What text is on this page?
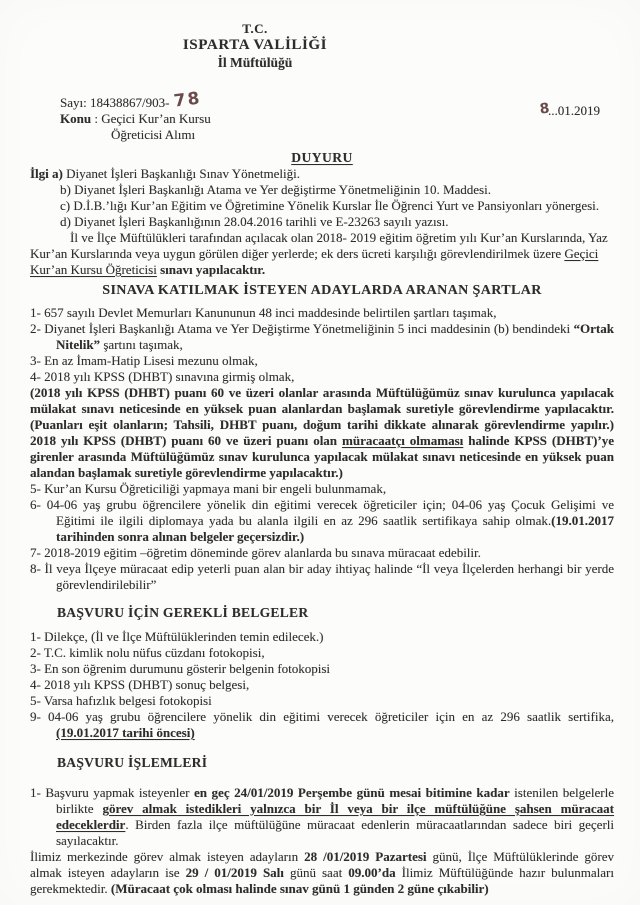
T.C.
ISPARTA VALİLİĞİ
İl Müftülüğü
Sayı: 18438867/903- 78
Konu : Geçici Kur’an Kursu
Öğreticisi Alımı
8...01.2019
DUYURU
İlgi a) Diyanet İşleri Başkanlığı Sınav Yönetmeliği.
b) Diyanet İşleri Başkanlığı Atama ve Yer değiştirme Yönetmeliğinin 10. Maddesi.
c) D.İ.B.’lığı Kur’an Eğitim ve Öğretimine Yönelik Kurslar İle Öğrenci Yurt ve Pansiyonları yönergesi.
d) Diyanet İşleri Başkanlığının 28.04.2016 tarihli ve E-23263 sayılı yazısı.

İl ve İlçe Müftülükleri tarafından açılacak olan 2018- 2019 eğitim öğretim yılı Kur’an Kurslarında, Yaz Kur’an Kurslarında veya uygun görülen diğer yerlerde; ek ders ücreti karşılığı görevlendirilmek üzere Geçici Kur’an Kursu Öğreticisi sınavı yapılacaktır.

SINAVA KATILMAK İSTEYEN ADAYLARDA ARANAN ŞARTLAR

1- 657 sayılı Devlet Memurları Kanununun 48 inci maddesinde belirtilen şartları taşımak,

2- Diyanet İşleri Başkanlığı Atama ve Yer Değiştirme Yönetmeliğinin 5 inci maddesinin (b) bendindeki “Ortak Nitelik” şartını taşımak,

3- En az İmam-Hatip Lisesi mezunu olmak,

4- 2018 yılı KPSS (DHBT) sınavına girmiş olmak,

(2018 yılı KPSS (DHBT) puanı 60 ve üzeri olanlar arasında Müftülüğümüz sınav kurulunca yapılacak mülakat sınavı neticesinde en yüksek puan alanlardan başlamak suretiyle görevlendirme yapılacaktır. (Puanları eşit olanların; Tahsili, DHBT puanı, doğum tarihi dikkate alınarak görevlendirme yapılır.) 2018 yılı KPSS (DHBT) puanı 60 ve üzeri puanı olan müracaatçı olmaması halinde KPSS (DHBT)’ye girenler arasında Müftülüğümüz sınav kurulunca yapılacak mülakat sınavı neticesinde en yüksek puan alandan başlamak suretiyle görevlendirme yapılacaktır.)

5- Kur’an Kursu Öğreticiliği yapmaya mani bir engeli bulunmamak,

6- 04-06 yaş grubu öğrencilere yönelik din eğitimi verecek öğreticiler için; 04-06 yaş Çocuk Gelişimi ve Eğitimi ile ilgili diplomaya yada bu alanla ilgili en az 296 saatlik sertifikaya sahip olmak.(19.01.2017 tarihinden sonra alınan belgeler geçersizdir.)

7- 2018-2019 eğitim –öğretim döneminde görev alanlarda bu sınava müracaat edebilir.

8- İl veya İlçeye müracaat edip yeterli puan alan bir aday ihtiyaç halinde “İl veya İlçelerden herhangi bir yerde görevlendirilebilir”

BAŞVURU İÇİN GEREKLİ BELGELER

1- Dilekçe, (İl ve İlçe Müftülüklerinden temin edilecek.)

2- T.C. kimlik nolu nüfus cüzdanı fotokopisi,

3- En son öğrenim durumunu gösterir belgenin fotokopisi

4- 2018 yılı KPSS (DHBT) sonuç belgesi,

5- Varsa hafızlık belgesi fotokopisi

9- 04-06 yaş grubu öğrencilere yönelik din eğitimi verecek öğreticiler için en az 296 saatlik sertifika, (19.01.2017 tarihi öncesi)

BAŞVURU İŞLEMLERİ

1- Başvuru yapmak isteyenler en geç 24/01/2019 Perşembe günü mesai bitimine kadar istenilen belgelerle birlikte görev almak istedikleri yalnızca bir İl veya bir ilçe müftülüğüne şahsen müracaat edeceklerdir. Birden fazla ilçe müftülüğüne müracaat edenlerin müracaatlarından sadece biri geçerli sayılacaktır.

İlimiz merkezinde görev almak isteyen adayların 28 /01/2019 Pazartesi günü, İlçe Müftülüklerinde görev almak isteyen adayların ise 29 / 01/2019 Salı günü saat 09.00’da İlimiz Müftülüğünde hazır bulunmaları gerekmektedir. (Müracaat çok olması halinde sınav günü 1 günden 2 güne çıkabilir)
